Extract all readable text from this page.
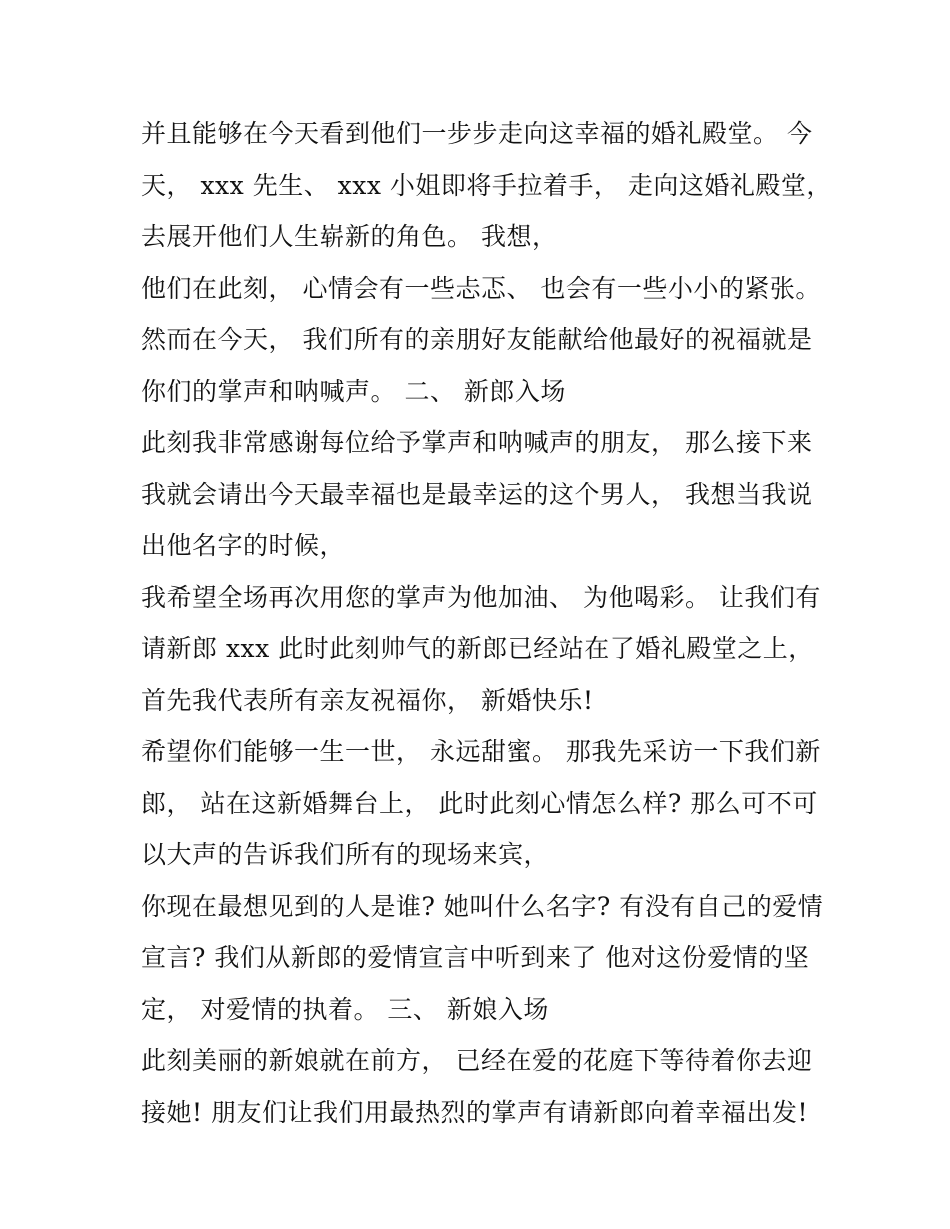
并且能够在今天看到他们一步步走向这幸福的婚礼殿堂。 今
天， xxx 先生、 xxx 小姐即将手拉着手， 走向这婚礼殿堂，
去展开他们人生崭新的角色。 我想，
他们在此刻， 心情会有一些忐忑、 也会有一些小小的紧张。
然而在今天， 我们所有的亲朋好友能献给他最好的祝福就是
你们的掌声和呐喊声。 二、 新郎入场
此刻我非常感谢每位给予掌声和呐喊声的朋友， 那么接下来
我就会请出今天最幸福也是最幸运的这个男人， 我想当我说
出他名字的时候，
我希望全场再次用您的掌声为他加油、 为他喝彩。 让我们有
请新郎 xxx 此时此刻帅气的新郎已经站在了婚礼殿堂之上，
首先我代表所有亲友祝福你， 新婚快乐!
希望你们能够一生一世， 永远甜蜜。 那我先采访一下我们新
郎， 站在这新婚舞台上， 此时此刻心情怎么样? 那么可不可
以大声的告诉我们所有的现场来宾，
你现在最想见到的人是谁? 她叫什么名字? 有没有自己的爱情
宣言? 我们从新郎的爱情宣言中听到来了 他对这份爱情的坚
定， 对爱情的执着。 三、 新娘入场
此刻美丽的新娘就在前方， 已经在爱的花庭下等待着你去迎
接她! 朋友们让我们用最热烈的掌声有请新郎向着幸福出发!
